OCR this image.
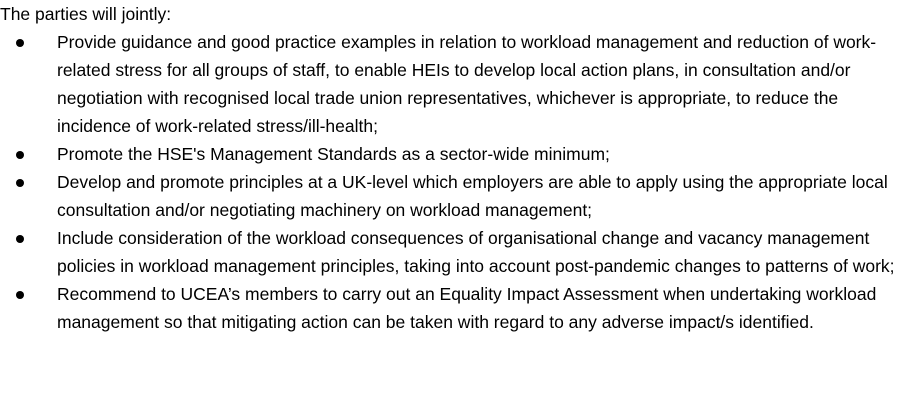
The parties will jointly:

Provide guidance and good practice examples in relation to workload management and reduction of work-related stress for all groups of staff, to enable HEIs to develop local action plans, in consultation and/or negotiation with recognised local trade union representatives, whichever is appropriate, to reduce the incidence of work-related stress/ill-health;
Promote the HSE's Management Standards as a sector-wide minimum;
Develop and promote principles at a UK-level which employers are able to apply using the appropriate local consultation and/or negotiating machinery on workload management;
Include consideration of the workload consequences of organisational change and vacancy management policies in workload management principles, taking into account post-pandemic changes to patterns of work;
Recommend to UCEA’s members to carry out an Equality Impact Assessment when undertaking workload management so that mitigating action can be taken with regard to any adverse impact/s identified.
